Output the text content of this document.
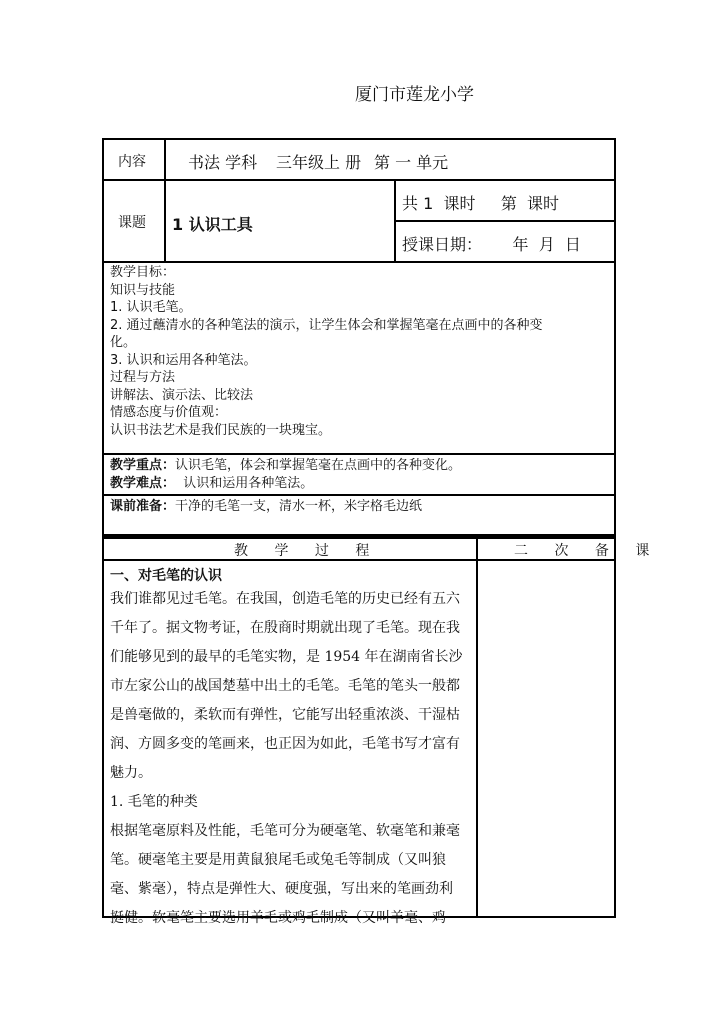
厦门市莲龙小学
内容	书法 学科 三年级上 册 第 一 单元
课题 1 认识工具
共 1  课时     第  课时
授课日期：      年  月  日
教学目标：
知识与技能
1. 认识毛笔。
2. 通过蘸清水的各种笔法的演示，让学生体会和掌握笔毫在点画中的各种变
化。
3. 认识和运用各种笔法。
过程与方法
讲解法、演示法、比较法
情感态度与价值观：
认识书法艺术是我们民族的一块瑰宝。
教学重点：认识毛笔，体会和掌握笔毫在点画中的各种变化。
教学难点：  认识和运用各种笔法。
课前准备：干净的毛笔一支，清水一杯，米字格毛边纸
教 学 过 程	二 次 备 课
一、对毛笔的认识
我们谁都见过毛笔。在我国，创造毛笔的历史已经有五六
千年了。据文物考证，在殷商时期就出现了毛笔。现在我
们能够见到的最早的毛笔实物，是 1954 年在湖南省长沙
市左家公山的战国楚墓中出土的毛笔。毛笔的笔头一般都
是兽毫做的，柔软而有弹性，它能写出轻重浓淡、干湿枯
润、方圆多变的笔画来，也正因为如此，毛笔书写才富有
魅力。
1. 毛笔的种类
根据笔毫原料及性能，毛笔可分为硬毫笔、软毫笔和兼毫
笔。硬毫笔主要是用黄鼠狼尾毛或兔毛等制成（又叫狼
毫、紫毫），特点是弹性大、硬度强，写出来的笔画劲利
挺健。软毫笔主要选用羊毛或鸡毛制成（又叫羊毫、鸡
